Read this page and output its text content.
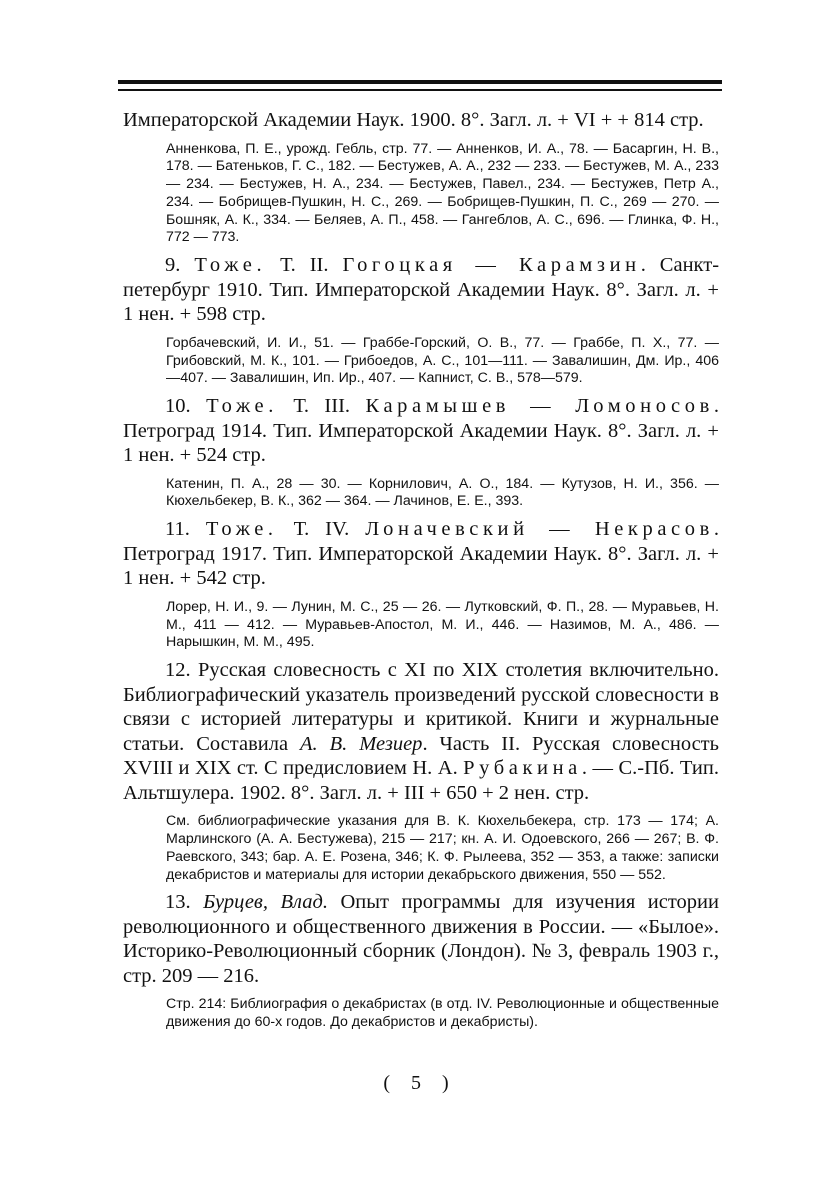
Императорской Академии Наук. 1900. 8°. Загл. л. + VI + + 814 стр.

Анненкова, П. Е., урожд. Гебль, стр. 77. — Анненков, И. А., 78. — Басаргин, Н. В., 178. — Батеньков, Г. С., 182. — Бестужев, А. А., 232 — 233. — Бестужев, М. А., 233 — 234. — Бестужев, Н. А., 234. — Бестужев, Павел., 234. — Бестужев, Петр А., 234. — Бобрищев-Пушкин, Н. С., 269. — Бобрищев-Пушкин, П. С., 269 — 270. — Бошняк, А. К., 334. — Беляев, А. П., 458. — Гангеблов, А. С., 696. — Глинка, Ф. Н., 772 — 773.

9. Тоже. Т. II. Гогоцкая — Карамзин. Санкт-петербург 1910. Тип. Императорской Академии Наук. 8°. Загл. л. + 1 нен. + 598 стр.

Горбачевский, И. И., 51. — Граббе-Горский, О. В., 77. — Граббе, П. Х., 77. — Грибовский, М. К., 101. — Грибоедов, А. С., 101—111. — Завалишин, Дм. Ир., 406—407. — Завалишин, Ип. Ир., 407. — Капнист, С. В., 578—579.

10. Тоже. Т. III. Карамышев — Ломоносов. Петроград 1914. Тип. Императорской Академии Наук. 8°. Загл. л. + 1 нен. + 524 стр.

Катенин, П. А., 28 — 30. — Корнилович, А. О., 184. — Кутузов, Н. И., 356. — Кюхельбекер, В. К., 362 — 364. — Лачинов, Е. Е., 393.

11. Тоже. Т. IV. Лоначевский — Некрасов. Петроград 1917. Тип. Императорской Академии Наук. 8°. Загл. л. + 1 нен. + 542 стр.

Лорер, Н. И., 9. — Лунин, М. С., 25 — 26. — Лутковский, Ф. П., 28. — Муравьев, Н. М., 411 — 412. — Муравьев-Апостол, М. И., 446. — Назимов, М. А., 486. — Нарышкин, М. М., 495.

12. Русская словесность с XI по XIX столетия включительно. Библиографический указатель произведений русской словесности в связи с историей литературы и критикой. Книги и журнальные статьи. Составила А. В. Мезиер. Часть II. Русская словесность XVIII и XIX ст. С предисловием Н. А. Рубакина. — С.-Пб. Тип. Альтшулера. 1902. 8°. Загл. л. + III + 650 + 2 нен. стр.

См. библиографические указания для В. К. Кюхельбекера, стр. 173 — 174; А. Марлинского (А. А. Бестужева), 215 — 217; кн. А. И. Одоевского, 266 — 267; В. Ф. Раевского, 343; бар. А. Е. Розена, 346; К. Ф. Рылеева, 352 — 353, а также: записки декабристов и материалы для истории декабрьского движения, 550 — 552.

13. Бурцев, Влад. Опыт программы для изучения истории революционного и общественного движения в России. — «Былое». Историко-Революционный сборник (Лондон). № 3, февраль 1903 г., стр. 209 — 216.

Стр. 214: Библиография о декабристах (в отд. IV. Революционные и общественные движения до 60-х годов. До декабристов и декабристы).

( 5 )
